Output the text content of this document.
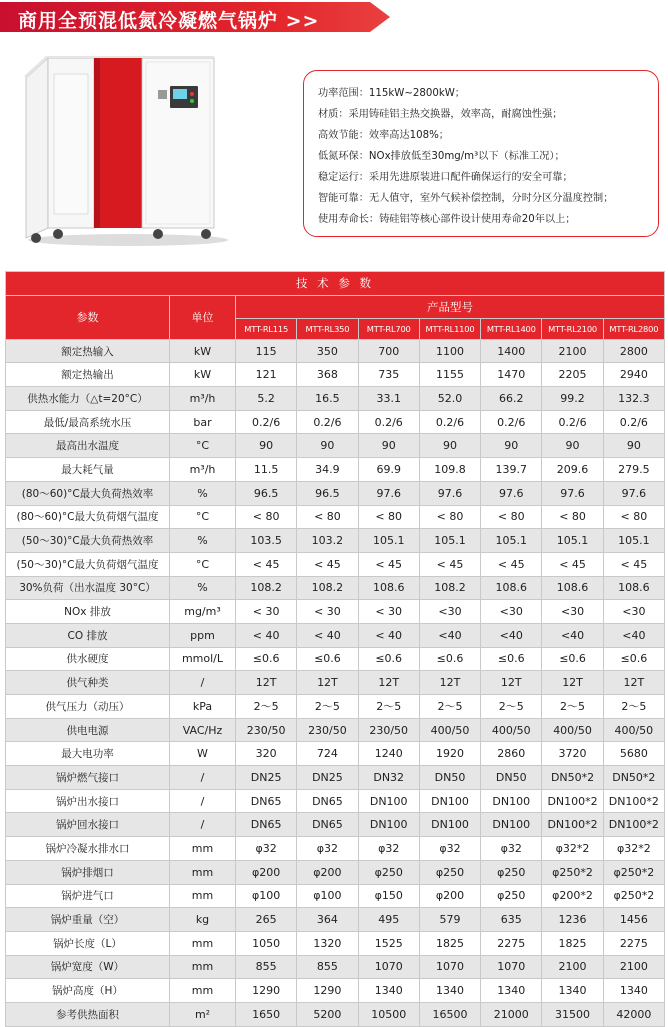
商用全预混低氮冷凝燃气锅炉 >>
功率范围：115kW~2800kW；
材质：采用铸硅铝主热交换器，效率高，耐腐蚀性强；
高效节能：效率高达108%；
低氮环保：NOx排放低至30mg/m³以下（标准工况）；
稳定运行：采用先进原装进口配件确保运行的安全可靠；
智能可靠：无人值守，室外气候补偿控制，分时分区分温度控制；
使用寿命长：铸硅铝等核心部件设计使用寿命20年以上；
技 术 参 数								
参数	单位	产品型号						
		MTT-RL115	MTT-RL350	MTT-RL700	MTT-RL1100	MTT-RL1400	MTT-RL2100	MTT-RL2800
额定热输入	kW	115	350	700	1100	1400	2100	2800
额定热输出	kW	121	368	735	1155	1470	2205	2940
供热水能力（△t=20°C）	m³/h	5.2	16.5	33.1	52.0	66.2	99.2	132.3
最低/最高系统水压	bar	0.2/6	0.2/6	0.2/6	0.2/6	0.2/6	0.2/6	0.2/6
最高出水温度	°C	90	90	90	90	90	90	90
最大耗气量	m³/h	11.5	34.9	69.9	109.8	139.7	209.6	279.5
(80～60)°C最大负荷热效率	%	96.5	96.5	97.6	97.6	97.6	97.6	97.6
(80～60)°C最大负荷烟气温度	°C	< 80	< 80	< 80	< 80	< 80	< 80	< 80
(50～30)°C最大负荷热效率	%	103.5	103.2	105.1	105.1	105.1	105.1	105.1
(50～30)°C最大负荷烟气温度	°C	< 45	< 45	< 45	< 45	< 45	< 45	< 45
30%负荷（出水温度 30°C）	%	108.2	108.2	108.6	108.2	108.6	108.6	108.6
NOx 排放	mg/m³	< 30	< 30	< 30	<30	<30	<30	<30
CO 排放	ppm	< 40	< 40	< 40	<40	<40	<40	<40
供水硬度	mmol/L	≤0.6	≤0.6	≤0.6	≤0.6	≤0.6	≤0.6	≤0.6
供气种类	/	12T	12T	12T	12T	12T	12T	12T
供气压力（动压）	kPa	2～5	2～5	2～5	2～5	2～5	2～5	2～5
供电电源	VAC/Hz	230/50	230/50	230/50	400/50	400/50	400/50	400/50
最大电功率	W	320	724	1240	1920	2860	3720	5680
锅炉燃气接口	/	DN25	DN25	DN32	DN50	DN50	DN50*2	DN50*2
锅炉出水接口	/	DN65	DN65	DN100	DN100	DN100	DN100*2	DN100*2
锅炉回水接口	/	DN65	DN65	DN100	DN100	DN100	DN100*2	DN100*2
锅炉冷凝水排水口	mm	φ32	φ32	φ32	φ32	φ32	φ32*2	φ32*2
锅炉排烟口	mm	φ200	φ200	φ250	φ250	φ250	φ250*2	φ250*2
锅炉进气口	mm	φ100	φ100	φ150	φ200	φ250	φ200*2	φ250*2
锅炉重量（空）	kg	265	364	495	579	635	1236	1456
锅炉长度（L）	mm	1050	1320	1525	1825	2275	1825	2275
锅炉宽度（W）	mm	855	855	1070	1070	1070	2100	2100
锅炉高度（H）	mm	1290	1290	1340	1340	1340	1340	1340
参考供热面积	m²	1650	5200	10500	16500	21000	31500	42000
